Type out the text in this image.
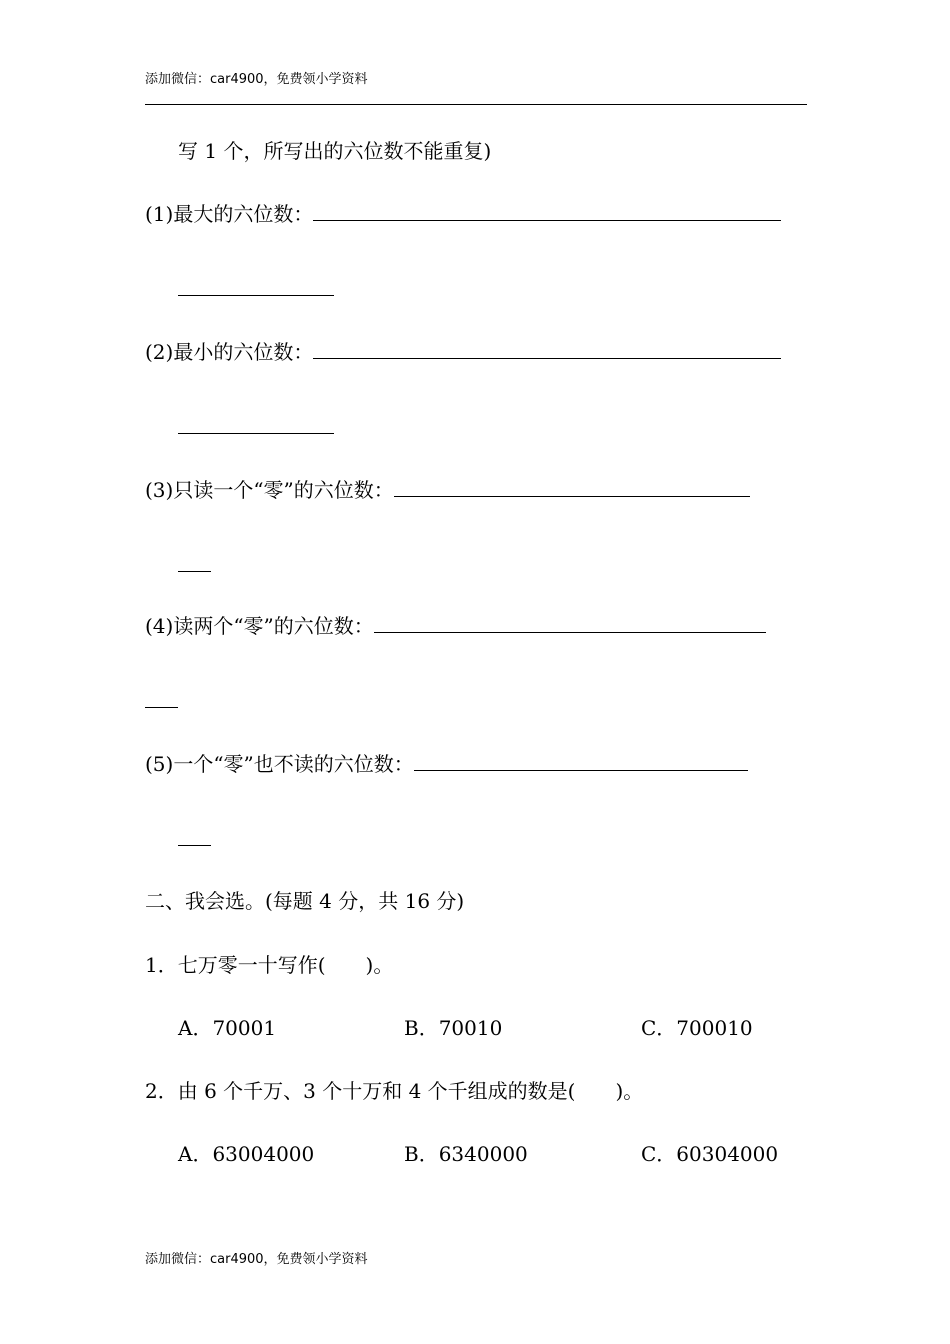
添加微信：car4900，免费领小学资料
写 1 个，所写出的六位数不能重复)
(1)最大的六位数：
(2)最小的六位数：
(3)只读一个“零”的六位数：
(4)读两个“零”的六位数：
(5)一个“零”也不读的六位数：
二、我会选。(每题 4 分，共 16 分)
1．七万零一十写作(　　)。
A．70001	B．70010	C．700010
2．由 6 个千万、3 个十万和 4 个千组成的数是(　　)。
A．63004000	B．6340000	C．60304000
添加微信：car4900，免费领小学资料
